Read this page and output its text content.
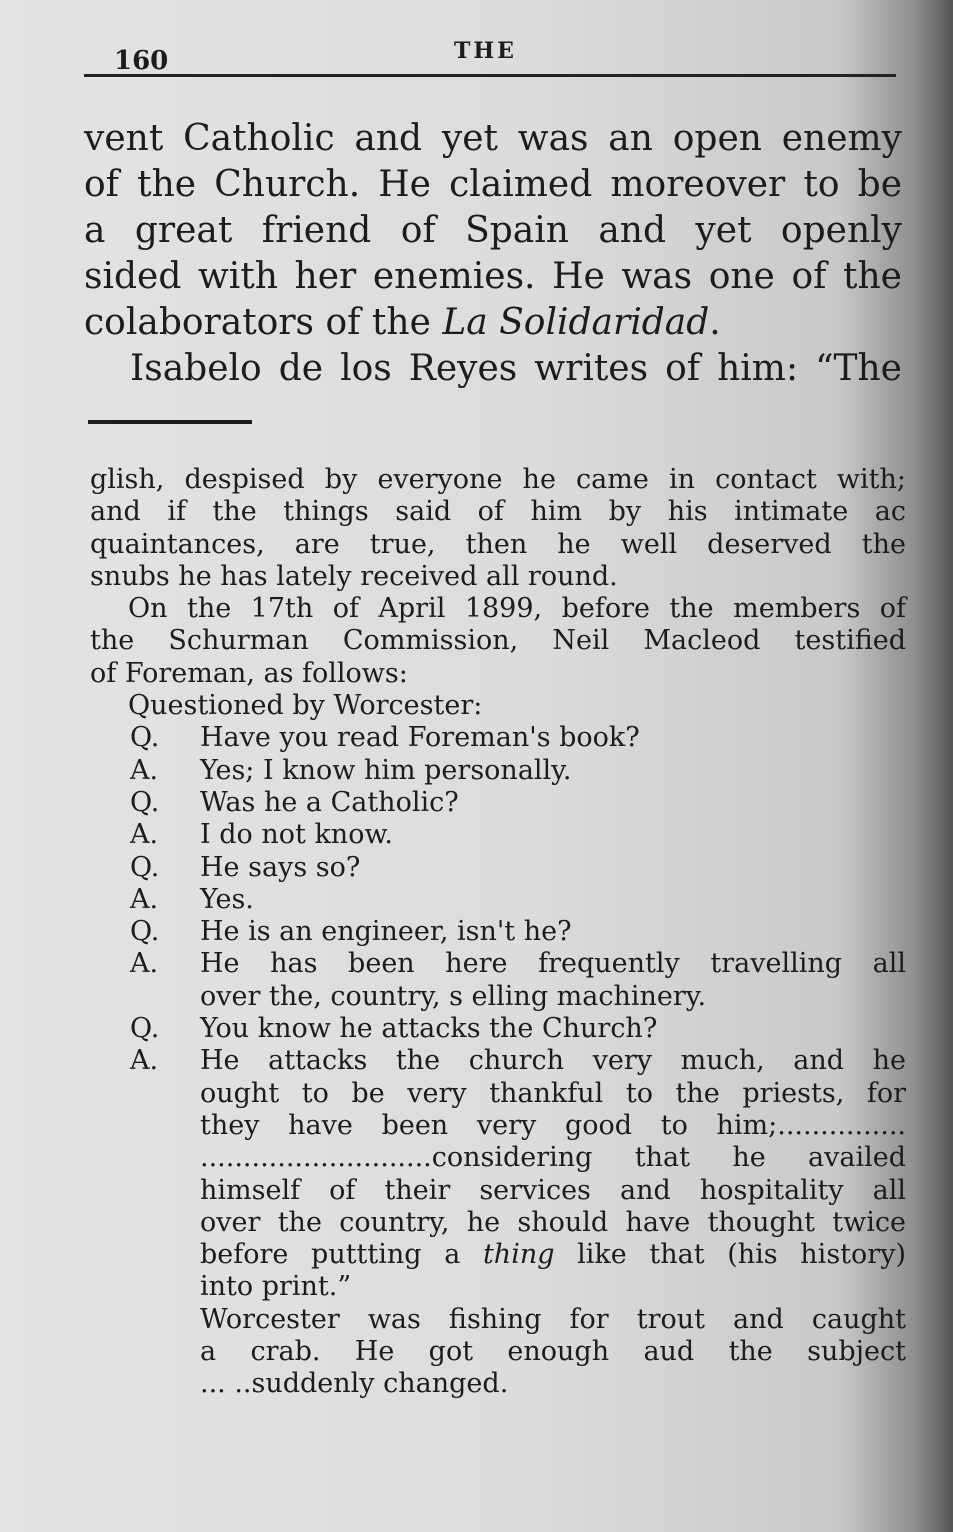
160	THE
vent Catholic and yet was an open enemy
of the Church. He claimed moreover to be
a great friend of Spain and yet openly
sided with her enemies. He was one of the
colaborators of the La Solidaridad.
Isabelo de los Reyes writes of him: “The
glish, despised by everyone he came in contact with;
and if the things said of him by his intimate ac
quaintances, are true, then he well deserved the
snubs he has lately received all round.
On the 17th of April 1899, before the members of
the Schurman Commission, Neil Macleod testified
of Foreman, as follows:
Questioned by Worcester:
Q.	Have you read Foreman's book?
A.	Yes; I know him personally.
Q.	Was he a Catholic?
A.	I do not know.
Q.	He says so?
A.	Yes.
Q.	He is an engineer, isn't he?
A.	He has been here frequently travelling all
over the, country, s elling machinery.
Q.	You know he attacks the Church?
A.	He attacks the church very much, and he
ought to be very thankful to the priests, for
they have been very good to him;...............
...........................considering that he availed
himself of their services and hospitality all
over the country, he should have thought twice
before puttting a thing like that (his history)
into print.”
Worcester was fishing for trout and caught
a crab. He got enough aud the subject
... ..suddenly changed.
